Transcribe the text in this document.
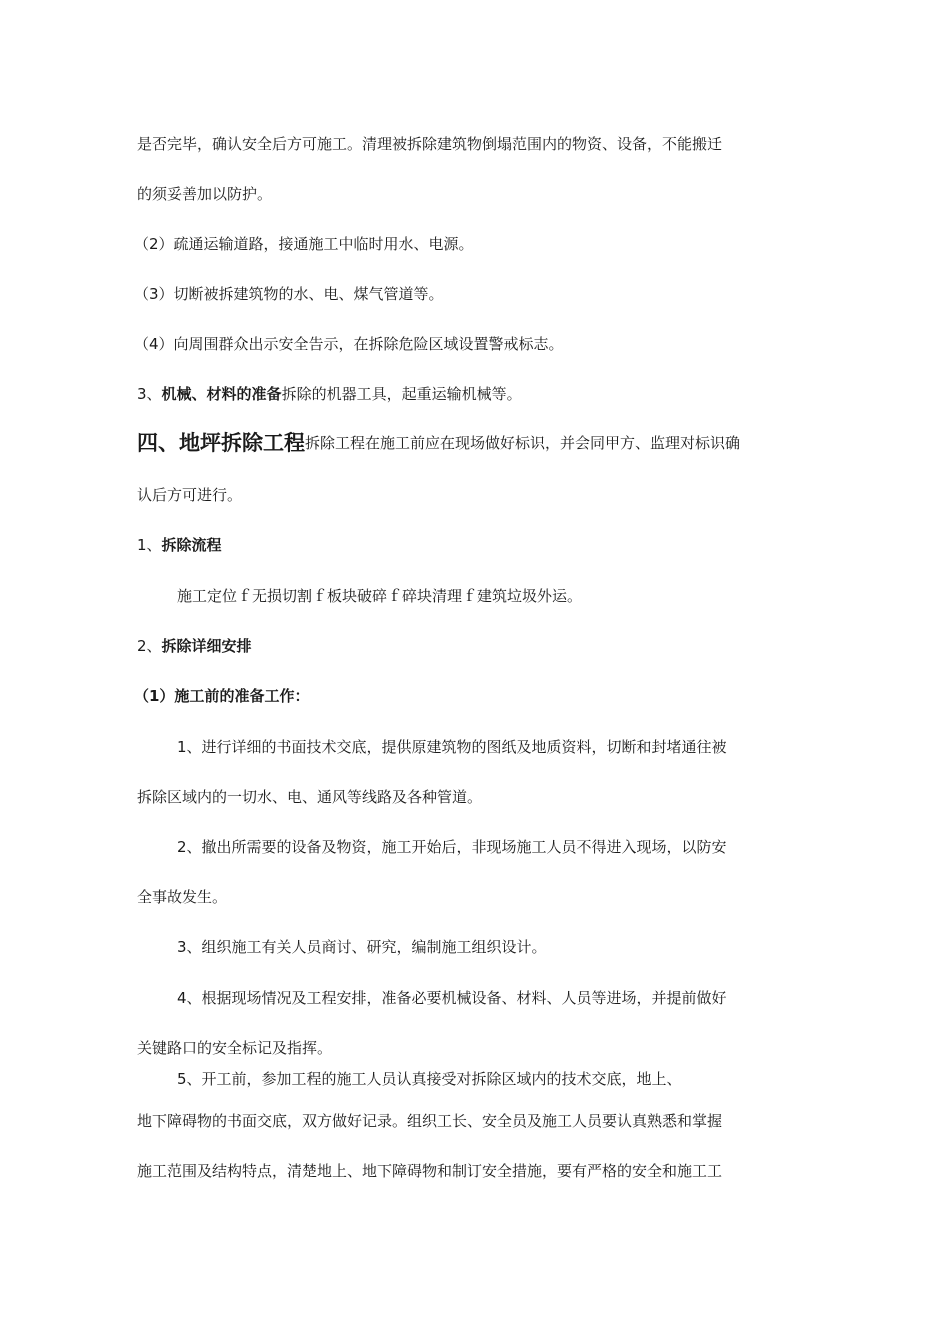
是否完毕，确认安全后方可施工。清理被拆除建筑物倒塌范围内的物资、设备，不能搬迁
的须妥善加以防护。
（2）疏通运输道路，接通施工中临时用水、电源。
（3）切断被拆建筑物的水、电、煤气管道等。
（4）向周围群众出示安全告示，在拆除危险区域设置警戒标志。
3、机械、材料的准备拆除的机器工具，起重运输机械等。
四、地坪拆除工程拆除工程在施工前应在现场做好标识，并会同甲方、监理对标识确
认后方可进行。
1、拆除流程
施工定位ｆ无损切割ｆ板块破碎ｆ碎块清理ｆ建筑垃圾外运。
2、拆除详细安排
（1）施工前的准备工作：
1、进行详细的书面技术交底，提供原建筑物的图纸及地质资料，切断和封堵通往被
拆除区域内的一切水、电、通风等线路及各种管道。
2、撤出所需要的设备及物资，施工开始后，非现场施工人员不得进入现场，以防安
全事故发生。
3、组织施工有关人员商讨、研究，编制施工组织设计。
4、根据现场情况及工程安排，准备必要机械设备、材料、人员等进场，并提前做好
关键路口的安全标记及指挥。
5、开工前，参加工程的施工人员认真接受对拆除区域内的技术交底，地上、
地下障碍物的书面交底，双方做好记录。组织工长、安全员及施工人员要认真熟悉和掌握
施工范围及结构特点，清楚地上、地下障碍物和制订安全措施，要有严格的安全和施工工
